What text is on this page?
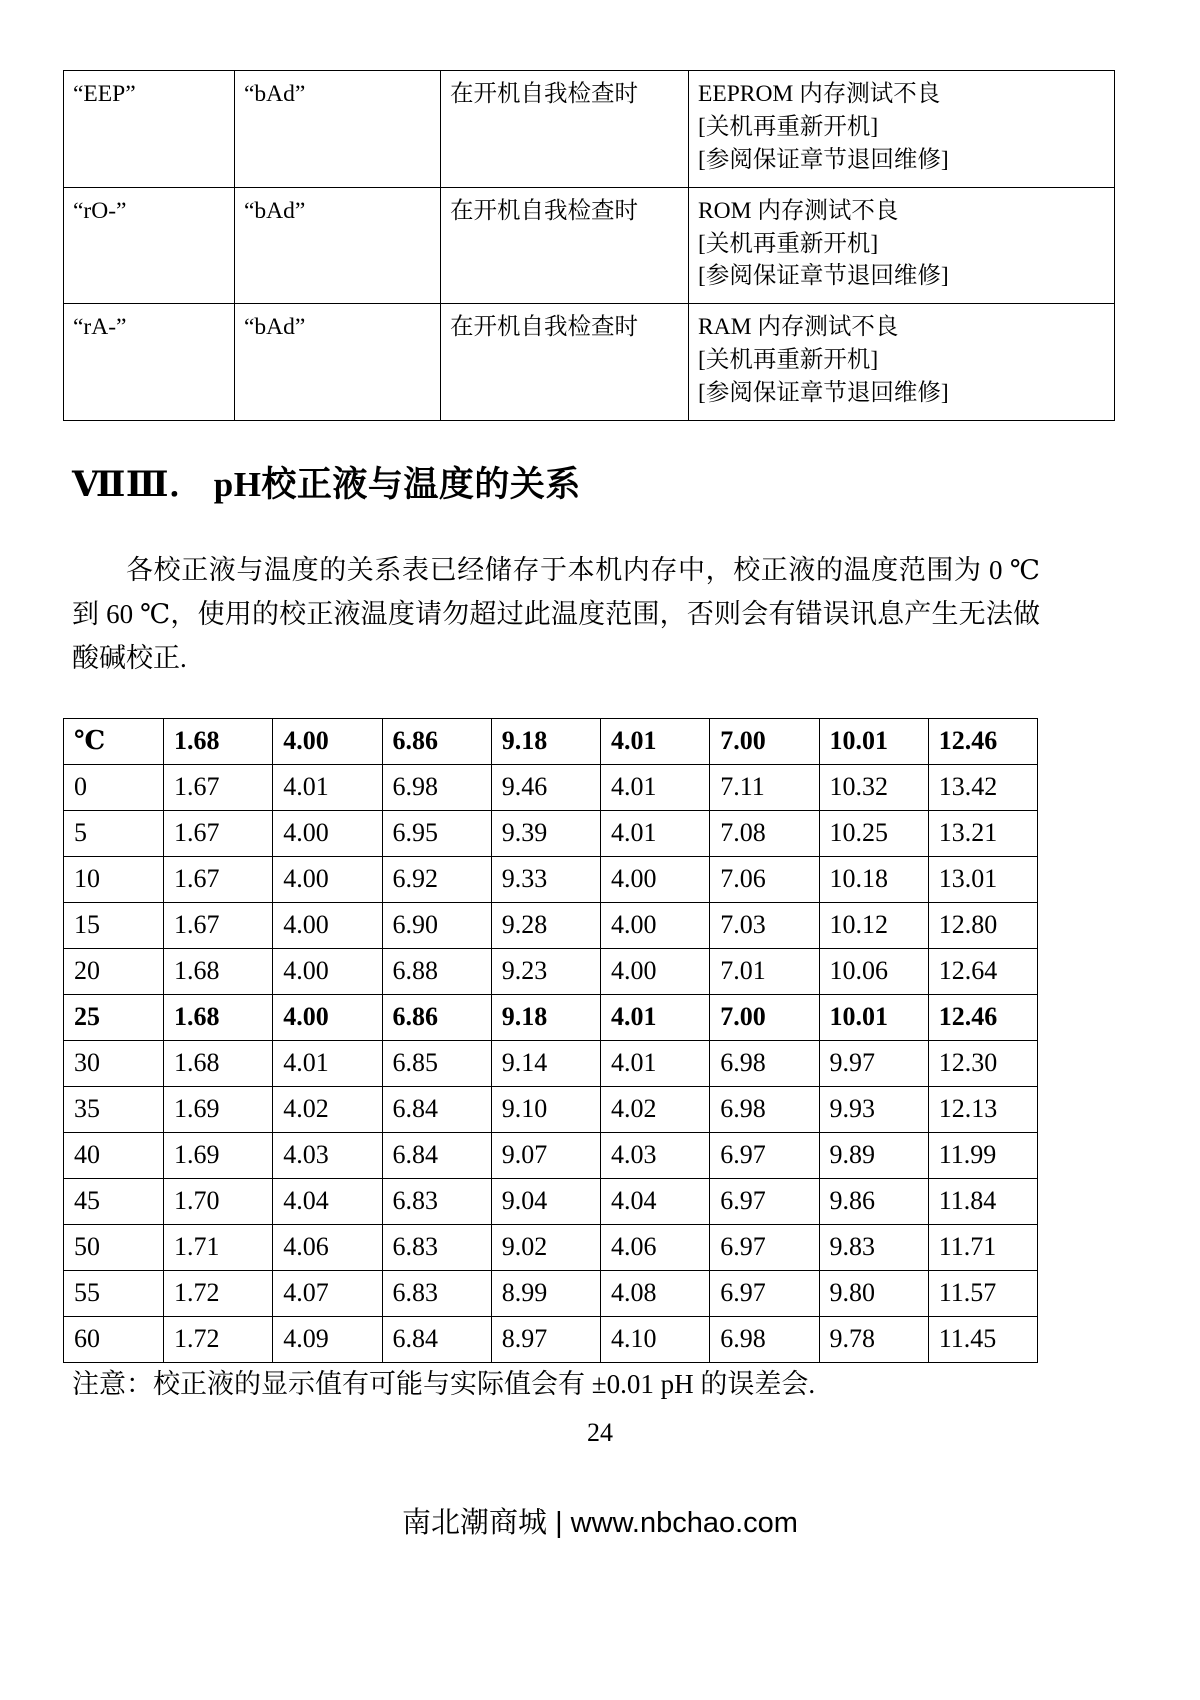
“EEP”	“bAd”	在开机自我检查时	EEPROM 内存测试不良
[关机再重新开机]
[参阅保证章节退回维修]

“rO-”	“bAd”	在开机自我检查时	ROM 内存测试不良
[关机再重新开机]
[参阅保证章节退回维修]

“rA-”	“bAd”	在开机自我检查时	RAM 内存测试不良
[关机再重新开机]
[参阅保证章节退回维修]
ⅦⅢ． pH校正液与温度的关系
各校正液与温度的关系表已经储存于本机内存中，校正液的温度范围为 0 ℃ 到 60 ℃，使用的校正液温度请勿超过此温度范围，否则会有错误讯息产生无法做酸碱校正.
℃	1.68	4.00	6.86	9.18	4.01	7.00	10.01	12.46
0	1.67	4.01	6.98	9.46	4.01	7.11	10.32	13.42
5	1.67	4.00	6.95	9.39	4.01	7.08	10.25	13.21
10	1.67	4.00	6.92	9.33	4.00	7.06	10.18	13.01
15	1.67	4.00	6.90	9.28	4.00	7.03	10.12	12.80
20	1.68	4.00	6.88	9.23	4.00	7.01	10.06	12.64
25	1.68	4.00	6.86	9.18	4.01	7.00	10.01	12.46
30	1.68	4.01	6.85	9.14	4.01	6.98	9.97	12.30
35	1.69	4.02	6.84	9.10	4.02	6.98	9.93	12.13
40	1.69	4.03	6.84	9.07	4.03	6.97	9.89	11.99
45	1.70	4.04	6.83	9.04	4.04	6.97	9.86	11.84
50	1.71	4.06	6.83	9.02	4.06	6.97	9.83	11.71
55	1.72	4.07	6.83	8.99	4.08	6.97	9.80	11.57
60	1.72	4.09	6.84	8.97	4.10	6.98	9.78	11.45
注意：校正液的显示值有可能与实际值会有 ±0.01 pH 的误差会.
24
南北潮商城 | www.nbchao.com
